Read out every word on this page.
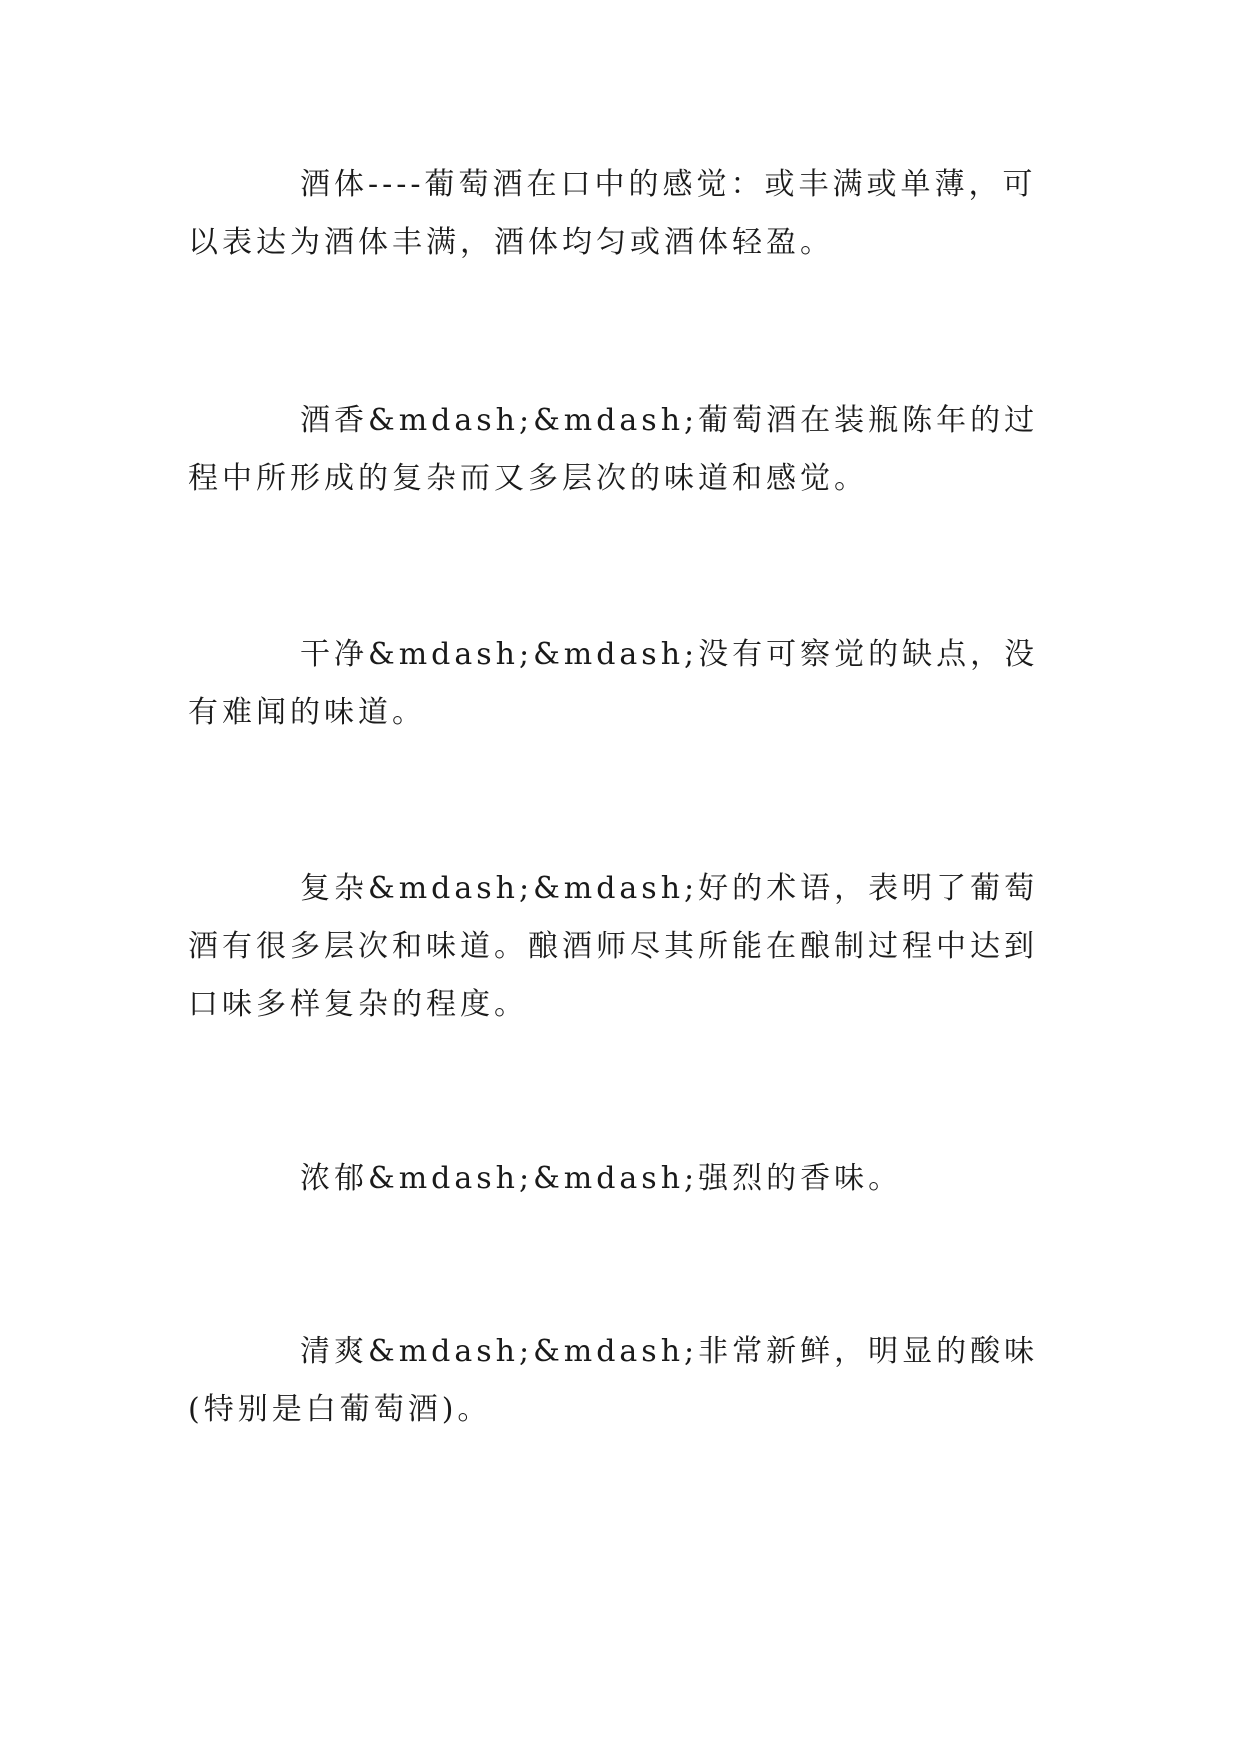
酒体----葡萄酒在口中的感觉：或丰满或单薄，可以表达为酒体丰满，酒体均匀或酒体轻盈。

酒香&mdash;&mdash;葡萄酒在装瓶陈年的过程中所形成的复杂而又多层次的味道和感觉。

干净&mdash;&mdash;没有可察觉的缺点，没有难闻的味道。

复杂&mdash;&mdash;好的术语，表明了葡萄酒有很多层次和味道。酿酒师尽其所能在酿制过程中达到口味多样复杂的程度。

浓郁&mdash;&mdash;强烈的香味。

清爽&mdash;&mdash;非常新鲜，明显的酸味(特别是白葡萄酒)。
